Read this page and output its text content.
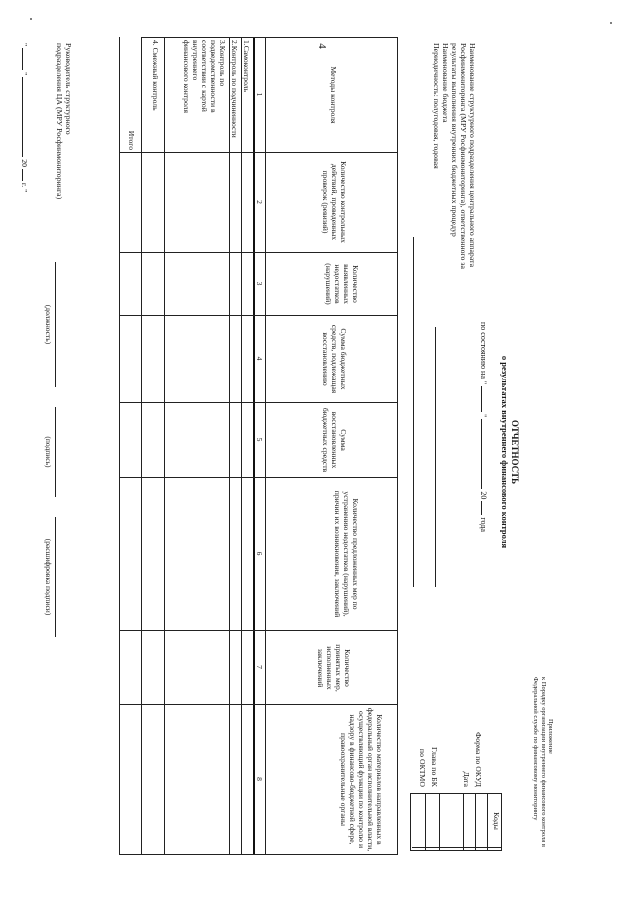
4
Приложение
к Порядку организации внутреннего финансового контроля в
Федеральной службе по финансовому мониторингу
ОТЧЕТНОСТЬ
о результатах внутреннего финансового контроля
по состоянию на "  "  20  года
Наименование структурного подразделения центрального аппарата
Росфинмониторинга (МРУ Росфинмониторинга), ответственного за
результаты выполнения внутренних бюджетных процедур
Наименование бюджета
Периодичность: полугодовая, годовая
Форма по ОКУД
Дата
Глава по БК
по ОКТМО
Коды
Методы контроля
Количество контрольных действий, проведенных проверок (ревизий)
Количество выявленных недостатков (нарушений)
Сумма бюджетных средств, подлежащая восстановлению
Сумма восстановленных бюджетных средств
Количество предложенных мер по устранению недостатков (нарушений), причин их возникновения, заключений
Количество материалов направленных в федеральный орган исполнительной власти, осуществляющий функции по контролю и надзору в финансово-бюджетной сфере, правоохранительные органы
Количество принятых мер, исполненных заключений
1
2
3
4
5
6
7
8
1.Самоконтроль
2.Контроль по подчиненности
3.Контроль по подведомственности в соответствии с картой внутреннего финансового контроля
4. Смежный контроль
Итого
Руководитель структурного
подразделения ЦА (МРУ Росфинмониторинга)
(должность)
(подпись)
(расшифровка подписи)
"  "  20  г. "
